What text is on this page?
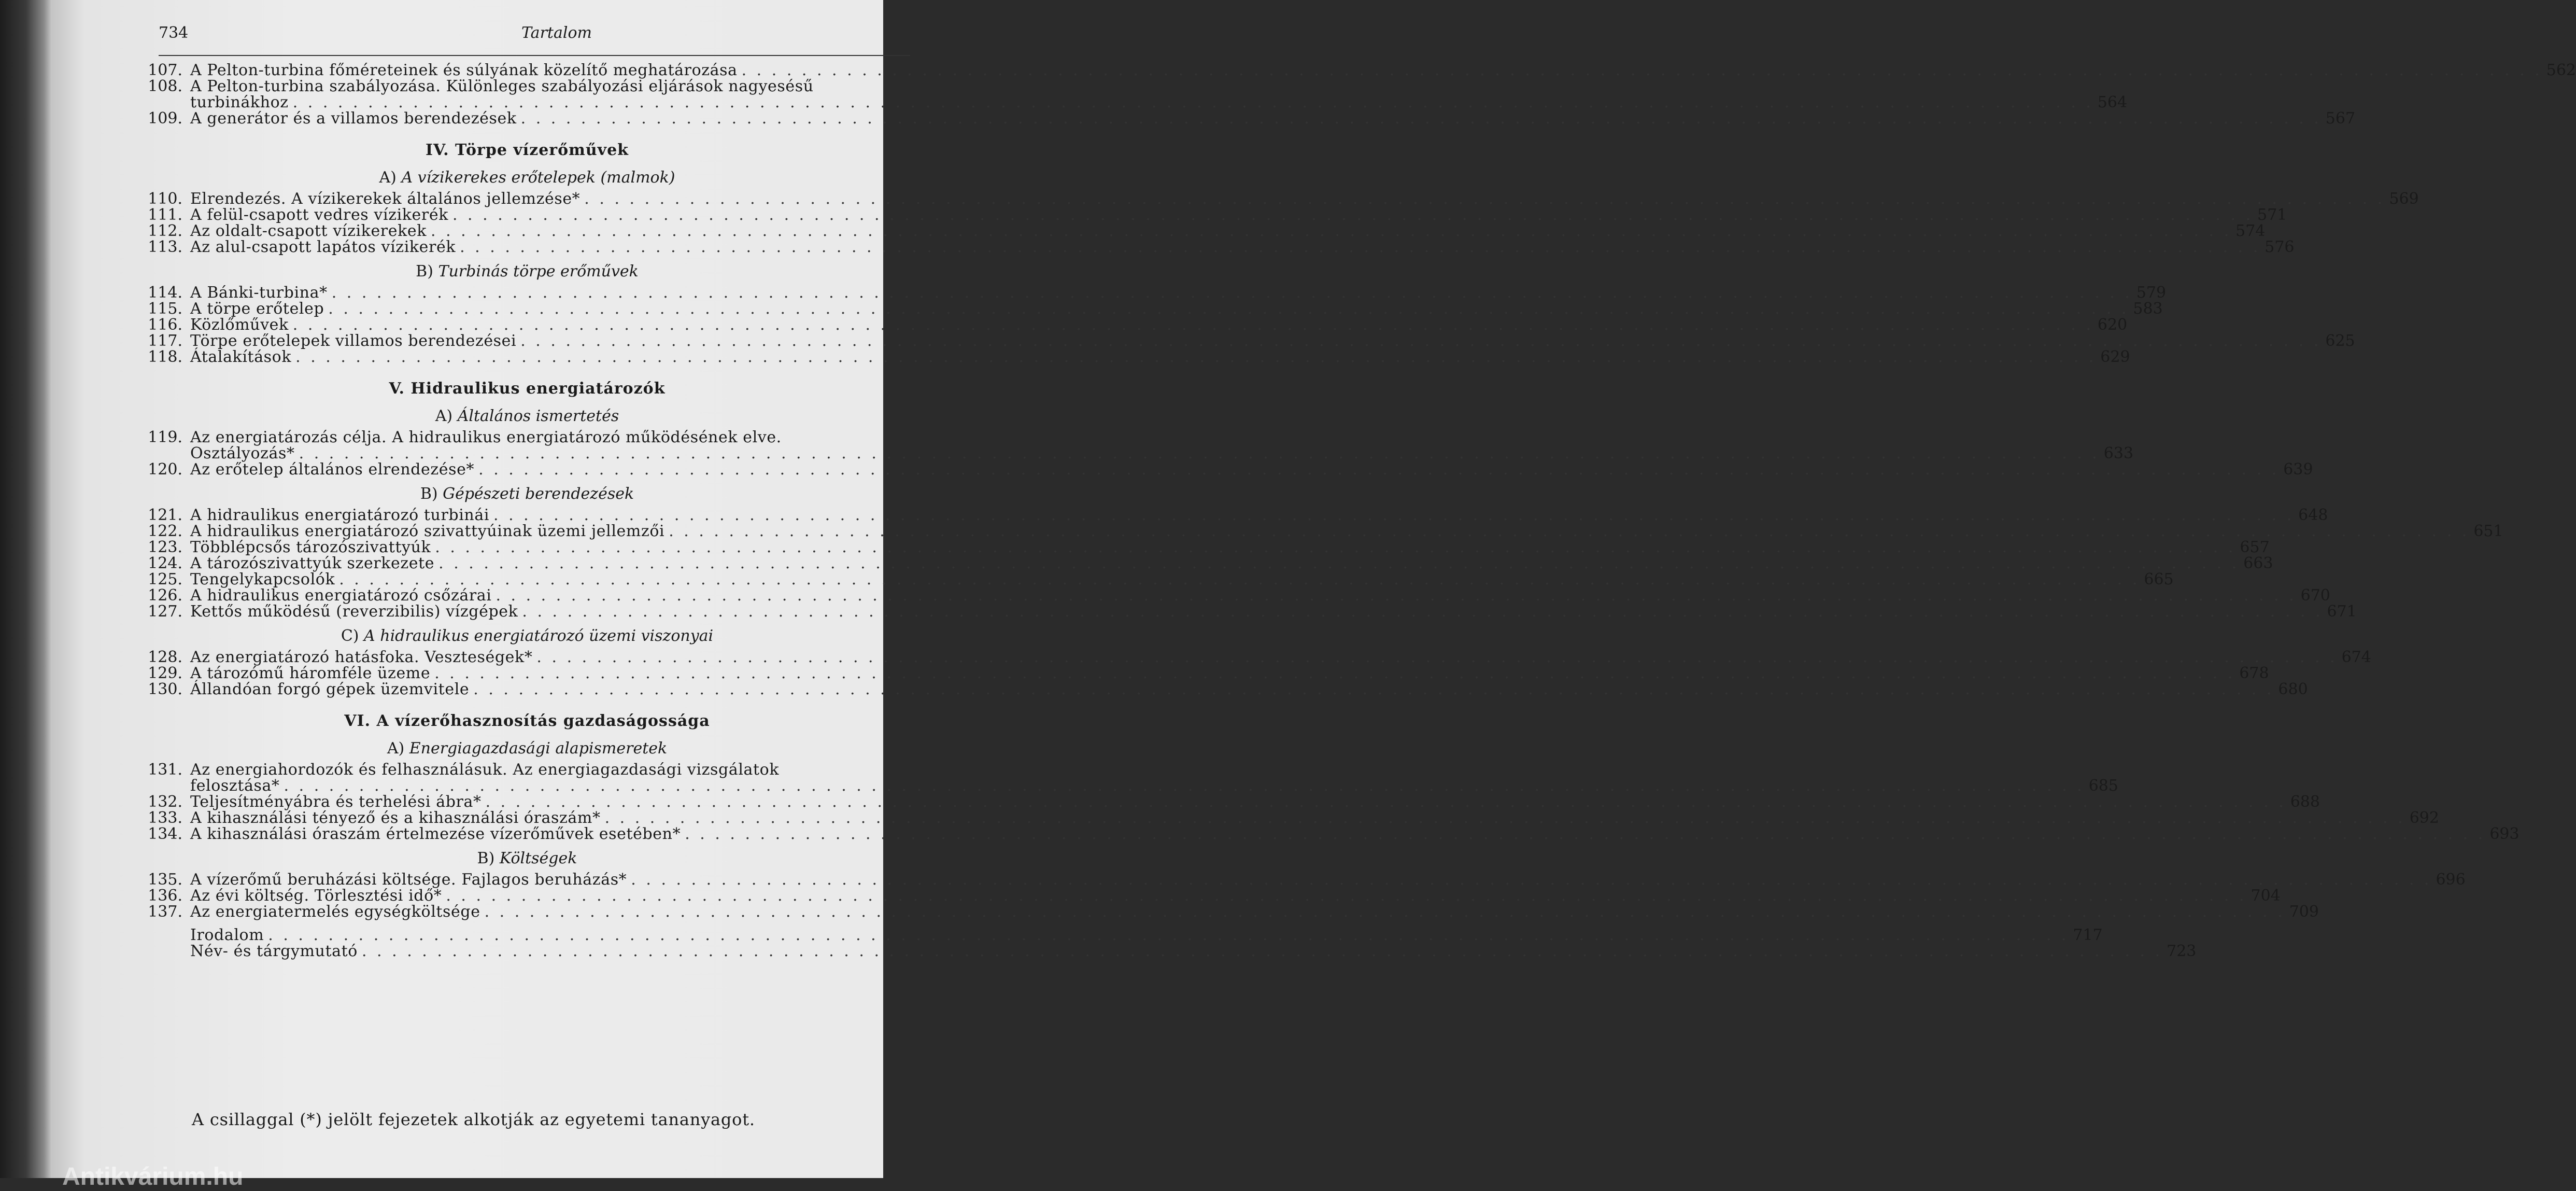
734	Tartalom
107. A Pelton-turbina főméreteinek és súlyának közelítő meghatározása . . . . . . . . . . . . . . . . . . . . . . . . . . . . . . . . . . . . . . . . . . . . . . . . . . . . . . . . . . . . . . . . . . . . . . . . . . . . . . . . . . . . . . . . . . . . . . . . . . . . . . . . . . . . . . . . . . . . . . . . 562
108. A Pelton-turbina szabályozása. Különleges szabályozási eljárások nagyesésű
turbinákhoz . . . . . . . . . . . . . . . . . . . . . . . . . . . . . . . . . . . . . . . . . . . . . . . . . . . . . . . . . . . . . . . . . . . . . . . . . . . . . . . . . . . . . . . . . . . . . . . . . . . . . . . . . . . . . . . . . . . . . . . . 564
109. A generátor és a villamos berendezések . . . . . . . . . . . . . . . . . . . . . . . . . . . . . . . . . . . . . . . . . . . . . . . . . . . . . . . . . . . . . . . . . . . . . . . . . . . . . . . . . . . . . . . . . . . . . . . . . . . . . . . . . . . . . . . . . . . . . . . . 567
IV. Törpe vízerőművek
A) A vízikerekes erőtelepek (malmok)
110. Elrendezés. A vízikerekek általános jellemzése* . . . . . . . . . . . . . . . . . . . . . . . . . . . . . . . . . . . . . . . . . . . . . . . . . . . . . . . . . . . . . . . . . . . . . . . . . . . . . . . . . . . . . . . . . . . . . . . . . . . . . . . . . . . . . . . . . . . . . . . . 569
111. A felül-csapott vedres vízikerék . . . . . . . . . . . . . . . . . . . . . . . . . . . . . . . . . . . . . . . . . . . . . . . . . . . . . . . . . . . . . . . . . . . . . . . . . . . . . . . . . . . . . . . . . . . . . . . . . . . . . . . . . . . . . . . . . . . . . . . . 571
112. Az oldalt-csapott vízikerekek . . . . . . . . . . . . . . . . . . . . . . . . . . . . . . . . . . . . . . . . . . . . . . . . . . . . . . . . . . . . . . . . . . . . . . . . . . . . . . . . . . . . . . . . . . . . . . . . . . . . . . . . . . . . . . . . . . . . . . . . 574
113. Az alul-csapott lapátos vízikerék . . . . . . . . . . . . . . . . . . . . . . . . . . . . . . . . . . . . . . . . . . . . . . . . . . . . . . . . . . . . . . . . . . . . . . . . . . . . . . . . . . . . . . . . . . . . . . . . . . . . . . . . . . . . . . . . . . . . . . . . 576
B) Turbinás törpe erőművek
114. A Bánki-turbina* . . . . . . . . . . . . . . . . . . . . . . . . . . . . . . . . . . . . . . . . . . . . . . . . . . . . . . . . . . . . . . . . . . . . . . . . . . . . . . . . . . . . . . . . . . . . . . . . . . . . . . . . . . . . . . . . . . . . . . . . 579
115. A törpe erőtelep . . . . . . . . . . . . . . . . . . . . . . . . . . . . . . . . . . . . . . . . . . . . . . . . . . . . . . . . . . . . . . . . . . . . . . . . . . . . . . . . . . . . . . . . . . . . . . . . . . . . . . . . . . . . . . . . . . . . . . . . 583
116. Közlőművek . . . . . . . . . . . . . . . . . . . . . . . . . . . . . . . . . . . . . . . . . . . . . . . . . . . . . . . . . . . . . . . . . . . . . . . . . . . . . . . . . . . . . . . . . . . . . . . . . . . . . . . . . . . . . . . . . . . . . . . . 620
117. Törpe erőtelepek villamos berendezései . . . . . . . . . . . . . . . . . . . . . . . . . . . . . . . . . . . . . . . . . . . . . . . . . . . . . . . . . . . . . . . . . . . . . . . . . . . . . . . . . . . . . . . . . . . . . . . . . . . . . . . . . . . . . . . . . . . . . . . . 625
118. Átalakítások . . . . . . . . . . . . . . . . . . . . . . . . . . . . . . . . . . . . . . . . . . . . . . . . . . . . . . . . . . . . . . . . . . . . . . . . . . . . . . . . . . . . . . . . . . . . . . . . . . . . . . . . . . . . . . . . . . . . . . . . 629
V. Hidraulikus energiatározók
A) Általános ismertetés
119. Az energiatározás célja. A hidraulikus energiatározó működésének elve.
Osztályozás* . . . . . . . . . . . . . . . . . . . . . . . . . . . . . . . . . . . . . . . . . . . . . . . . . . . . . . . . . . . . . . . . . . . . . . . . . . . . . . . . . . . . . . . . . . . . . . . . . . . . . . . . . . . . . . . . . . . . . . . . 633
120. Az erőtelep általános elrendezése* . . . . . . . . . . . . . . . . . . . . . . . . . . . . . . . . . . . . . . . . . . . . . . . . . . . . . . . . . . . . . . . . . . . . . . . . . . . . . . . . . . . . . . . . . . . . . . . . . . . . . . . . . . . . . . . . . . . . . . . . 639
B) Gépészeti berendezések
121. A hidraulikus energiatározó turbinái . . . . . . . . . . . . . . . . . . . . . . . . . . . . . . . . . . . . . . . . . . . . . . . . . . . . . . . . . . . . . . . . . . . . . . . . . . . . . . . . . . . . . . . . . . . . . . . . . . . . . . . . . . . . . . . . . . . . . . . . 648
122. A hidraulikus energiatározó szivattyúinak üzemi jellemzői . . . . . . . . . . . . . . . . . . . . . . . . . . . . . . . . . . . . . . . . . . . . . . . . . . . . . . . . . . . . . . . . . . . . . . . . . . . . . . . . . . . . . . . . . . . . . . . . . . . . . . . . . . . . . . . . . . . . . . . . 651
123. Többlépcsős tározószivattyúk . . . . . . . . . . . . . . . . . . . . . . . . . . . . . . . . . . . . . . . . . . . . . . . . . . . . . . . . . . . . . . . . . . . . . . . . . . . . . . . . . . . . . . . . . . . . . . . . . . . . . . . . . . . . . . . . . . . . . . . . 657
124. A tározószivattyúk szerkezete . . . . . . . . . . . . . . . . . . . . . . . . . . . . . . . . . . . . . . . . . . . . . . . . . . . . . . . . . . . . . . . . . . . . . . . . . . . . . . . . . . . . . . . . . . . . . . . . . . . . . . . . . . . . . . . . . . . . . . . . 663
125. Tengelykapcsolók . . . . . . . . . . . . . . . . . . . . . . . . . . . . . . . . . . . . . . . . . . . . . . . . . . . . . . . . . . . . . . . . . . . . . . . . . . . . . . . . . . . . . . . . . . . . . . . . . . . . . . . . . . . . . . . . . . . . . . . . 665
126. A hidraulikus energiatározó csőzárai . . . . . . . . . . . . . . . . . . . . . . . . . . . . . . . . . . . . . . . . . . . . . . . . . . . . . . . . . . . . . . . . . . . . . . . . . . . . . . . . . . . . . . . . . . . . . . . . . . . . . . . . . . . . . . . . . . . . . . . . 670
127. Kettős működésű (reverzibilis) vízgépek . . . . . . . . . . . . . . . . . . . . . . . . . . . . . . . . . . . . . . . . . . . . . . . . . . . . . . . . . . . . . . . . . . . . . . . . . . . . . . . . . . . . . . . . . . . . . . . . . . . . . . . . . . . . . . . . . . . . . . . . 671
C) A hidraulikus energiatározó üzemi viszonyai
128. Az energiatározó hatásfoka. Veszteségek* . . . . . . . . . . . . . . . . . . . . . . . . . . . . . . . . . . . . . . . . . . . . . . . . . . . . . . . . . . . . . . . . . . . . . . . . . . . . . . . . . . . . . . . . . . . . . . . . . . . . . . . . . . . . . . . . . . . . . . . . 674
129. A tározómű háromféle üzeme . . . . . . . . . . . . . . . . . . . . . . . . . . . . . . . . . . . . . . . . . . . . . . . . . . . . . . . . . . . . . . . . . . . . . . . . . . . . . . . . . . . . . . . . . . . . . . . . . . . . . . . . . . . . . . . . . . . . . . . . 678
130. Állandóan forgó gépek üzemvitele . . . . . . . . . . . . . . . . . . . . . . . . . . . . . . . . . . . . . . . . . . . . . . . . . . . . . . . . . . . . . . . . . . . . . . . . . . . . . . . . . . . . . . . . . . . . . . . . . . . . . . . . . . . . . . . . . . . . . . . . 680
VI. A vízerőhasznosítás gazdaságossága
A) Energiagazdasági alapismeretek
131. Az energiahordozók és felhasználásuk. Az energiagazdasági vizsgálatok
felosztása* . . . . . . . . . . . . . . . . . . . . . . . . . . . . . . . . . . . . . . . . . . . . . . . . . . . . . . . . . . . . . . . . . . . . . . . . . . . . . . . . . . . . . . . . . . . . . . . . . . . . . . . . . . . . . . . . . . . . . . . . 685
132. Teljesítményábra és terhelési ábra* . . . . . . . . . . . . . . . . . . . . . . . . . . . . . . . . . . . . . . . . . . . . . . . . . . . . . . . . . . . . . . . . . . . . . . . . . . . . . . . . . . . . . . . . . . . . . . . . . . . . . . . . . . . . . . . . . . . . . . . . 688
133. A kihasználási tényező és a kihasználási óraszám* . . . . . . . . . . . . . . . . . . . . . . . . . . . . . . . . . . . . . . . . . . . . . . . . . . . . . . . . . . . . . . . . . . . . . . . . . . . . . . . . . . . . . . . . . . . . . . . . . . . . . . . . . . . . . . . . . . . . . . . . 692
134. A kihasználási óraszám értelmezése vízerőművek esetében* . . . . . . . . . . . . . . . . . . . . . . . . . . . . . . . . . . . . . . . . . . . . . . . . . . . . . . . . . . . . . . . . . . . . . . . . . . . . . . . . . . . . . . . . . . . . . . . . . . . . . . . . . . . . . . . . . . . . . . . . 693
B) Költségek
135. A vízerőmű beruházási költsége. Fajlagos beruházás* . . . . . . . . . . . . . . . . . . . . . . . . . . . . . . . . . . . . . . . . . . . . . . . . . . . . . . . . . . . . . . . . . . . . . . . . . . . . . . . . . . . . . . . . . . . . . . . . . . . . . . . . . . . . . . . . . . . . . . . . 696
136. Az évi költség. Törlesztési idő* . . . . . . . . . . . . . . . . . . . . . . . . . . . . . . . . . . . . . . . . . . . . . . . . . . . . . . . . . . . . . . . . . . . . . . . . . . . . . . . . . . . . . . . . . . . . . . . . . . . . . . . . . . . . . . . . . . . . . . . . 704
137. Az energiatermelés egységköltsége . . . . . . . . . . . . . . . . . . . . . . . . . . . . . . . . . . . . . . . . . . . . . . . . . . . . . . . . . . . . . . . . . . . . . . . . . . . . . . . . . . . . . . . . . . . . . . . . . . . . . . . . . . . . . . . . . . . . . . . . 709
Irodalom . . . . . . . . . . . . . . . . . . . . . . . . . . . . . . . . . . . . . . . . . . . . . . . . . . . . . . . . . . . . . . . . . . . . . . . . . . . . . . . . . . . . . . . . . . . . . . . . . . . . . . . . . . . . . . . . . . . . . . . . 717
Név- és tárgymutató . . . . . . . . . . . . . . . . . . . . . . . . . . . . . . . . . . . . . . . . . . . . . . . . . . . . . . . . . . . . . . . . . . . . . . . . . . . . . . . . . . . . . . . . . . . . . . . . . . . . . . . . . . . . . . . . . . . . . . . . 723
A csillaggal (*) jelölt fejezetek alkotják az egyetemi tananyagot.
Antikvárium.hu
